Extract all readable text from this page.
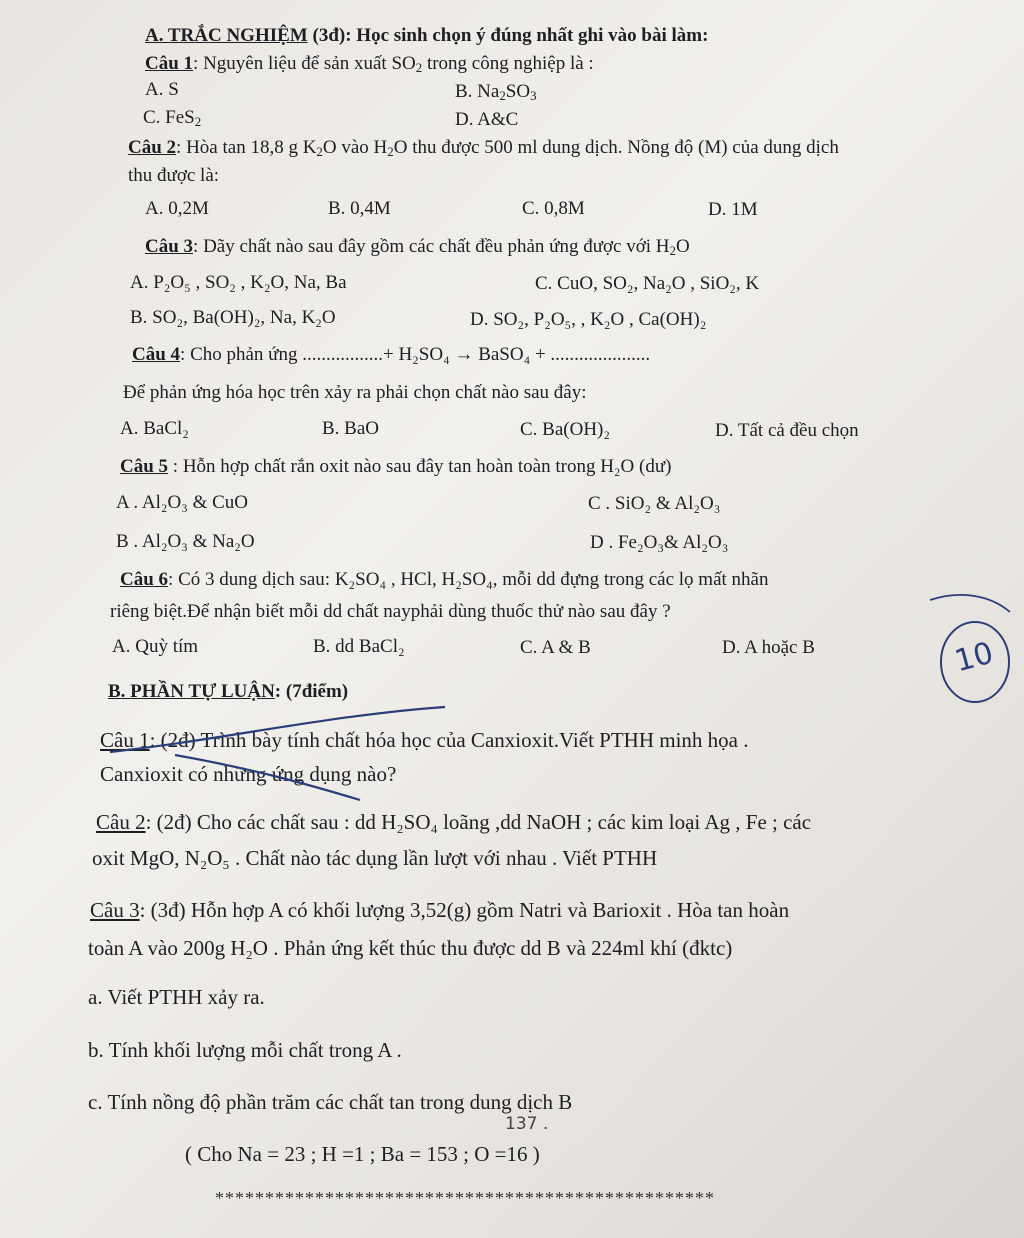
A. TRẮC NGHIỆM (3đ): Học sinh chọn ý đúng nhất ghi vào bài làm:
Câu 1: Nguyên liệu để sản xuất $SO_2$ trong công nghiệp là :
A. S	B. $Na_2SO_3$
C. FeS$_2$	D. A&C
Câu 2: Hòa tan 18,8 g $K_2O$ vào $H_2O$ thu được 500 ml dung dịch. Nồng độ (M) của dung dịch
thu được là:
A. 0,2M	B. 0,4M	C. 0,8M	D. 1M
Câu 3: Dãy chất nào sau đây gồm các chất đều phản ứng được với $H_2O$
A. P₂O₅ , SO₂ , K₂O, Na, Ba	C. CuO, SO₂, Na₂O , SiO₂, K
B. SO₂, Ba(OH)₂, Na, K₂O	D. SO₂, P₂O₅, , K₂O , Ca(OH)₂
Câu 4: Cho phản ứng .................+ H₂SO₄ → BaSO₄ + .....................
Để phản ứng hóa học trên xảy ra phải chọn chất nào sau đây:
A. BaCl₂	B. BaO	C. Ba(OH)₂	D. Tất cả đều chọn
Câu 5 : Hỗn hợp chất rắn oxit nào sau đây tan hoàn toàn trong H₂O (dư)
A . Al₂O₃ & CuO	C . SiO₂ & Al₂O₃
B . Al₂O₃ & Na₂O	D . Fe₂O₃& Al₂O₃
Câu 6: Có 3 dung dịch sau: K₂SO₄ , HCl, H₂SO₄, mỗi dd đựng trong các lọ mất nhãn
riêng biệt.Để nhận biết mỗi dd chất nayphải dùng thuốc thử nào sau đây ?
A. Quỳ tím	B. dd BaCl₂	C. A & B	D. A hoặc B
B. PHẦN TỰ LUẬN: (7điểm)
Câu 1: (2đ) Trình bày tính chất hóa học của Canxioxit.Viết PTHH minh họa .
Canxioxit có những ứng dụng nào?
Câu 2: (2đ) Cho các chất sau : dd H₂SO₄ loãng ,dd NaOH ; các kim loại Ag , Fe ; các
oxit MgO, N₂O₅ . Chất nào tác dụng lần lượt với nhau . Viết PTHH
Câu 3: (3đ) Hỗn hợp A có khối lượng 3,52(g) gồm Natri và Barioxit . Hòa tan hoàn
toàn A vào 200g H₂O . Phản ứng kết thúc thu được dd B và 224ml khí (đktc)
a. Viết PTHH xảy ra.
b. Tính khối lượng mỗi chất trong A .
c. Tính nồng độ phần trăm các chất tan trong dung dịch B
( Cho Na = 23 ; H =1 ; Ba = 153 ; O =16 )
**************************************************
10
137 .
